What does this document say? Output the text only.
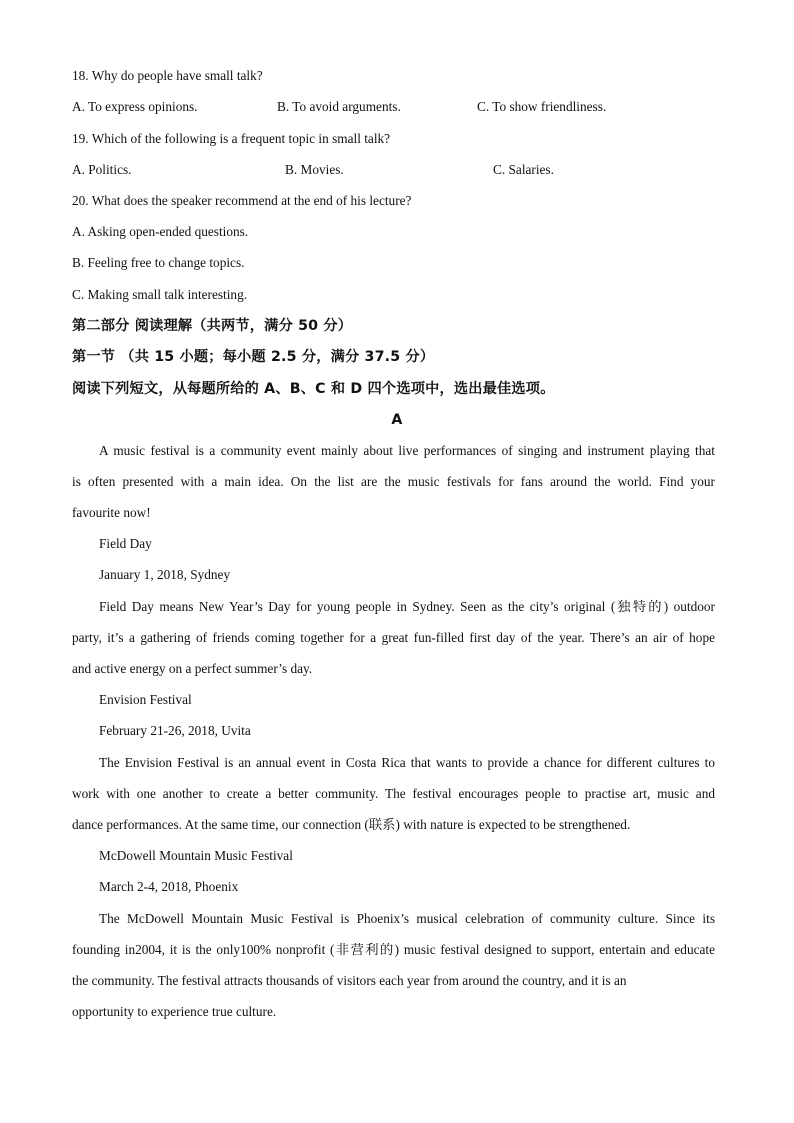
18. Why do people have small talk?
A. To express opinions.	B. To avoid arguments.	C. To show friendliness.
19. Which of the following is a frequent topic in small talk?
A. Politics.	B. Movies.	C. Salaries.
20. What does the speaker recommend at the end of his lecture?
A. Asking open-ended questions.
B. Feeling free to change topics.
C. Making small talk interesting.
第二部分 阅读理解（共两节，满分 50 分）
第一节 （共 15 小题；每小题 2.5 分，满分 37.5 分）
阅读下列短文，从每题所给的 A、B、C 和 D 四个选项中，选出最佳选项。
A
A music festival is a community event mainly about live performances of singing and instrument playing that
is often presented with a main idea. On the list are the music festivals for fans around the world. Find your
favourite now!
Field Day
January 1, 2018, Sydney
Field Day means New Year’s Day for young people in Sydney. Seen as the city’s original (独特的) outdoor
party, it’s a gathering of friends coming together for a great fun-filled first day of the year. There’s an air of hope
and active energy on a perfect summer’s day.
Envision Festival
February 21-26, 2018, Uvita
The Envision Festival is an annual event in Costa Rica that wants to provide a chance for different cultures to
work with one another to create a better community. The festival encourages people to practise art, music and
dance performances. At the same time, our connection (联系) with nature is expected to be strengthened.
McDowell Mountain Music Festival
March 2-4, 2018, Phoenix
The McDowell Mountain Music Festival is Phoenix’s musical celebration of community culture. Since its
founding in2004, it is the only100% nonprofit (非营利的) music festival designed to support, entertain and educate
the community. The festival attracts thousands of visitors each year from around the country, and it is an
opportunity to experience true culture.
